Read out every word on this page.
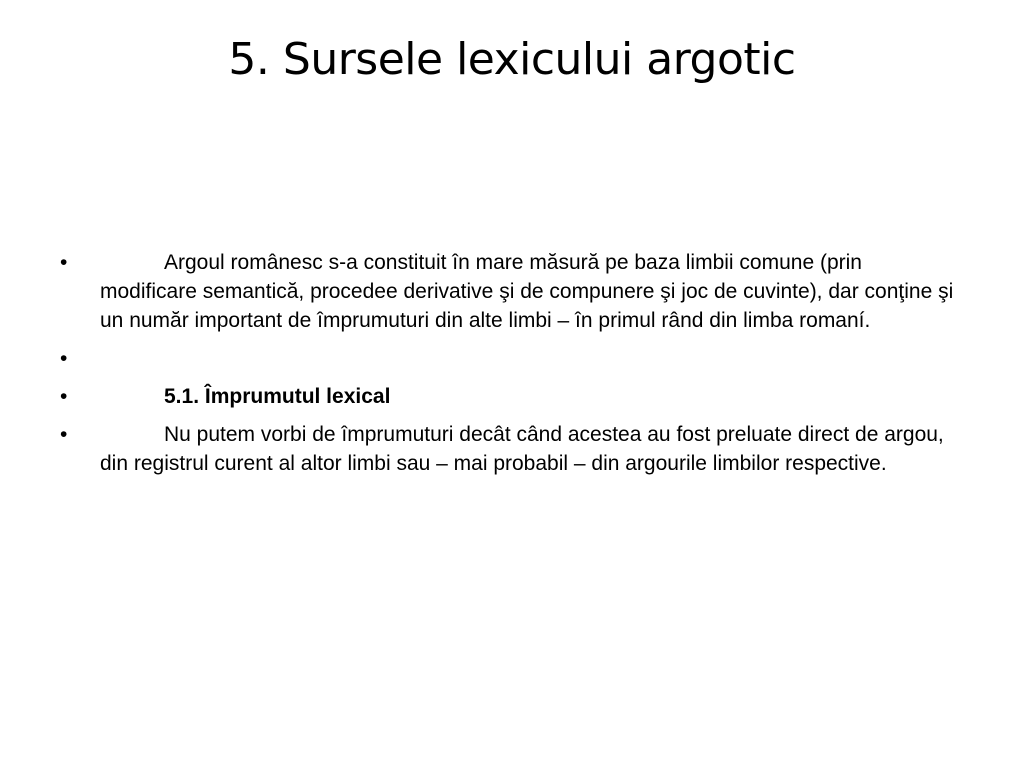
5. Sursele lexicului argotic
•	Argoul românesc s-a constituit în mare măsură pe baza limbii comune (prin modificare semantică, procedee derivative şi de compunere şi joc de cuvinte), dar conţine şi un număr important de împrumuturi din alte limbi – în primul rând din limba romaní.
•
•	5.1. Împrumutul lexical
•	Nu putem vorbi de împrumuturi decât când acestea au fost preluate direct de argou, din registrul curent al altor limbi sau – mai probabil – din argourile limbilor respective.
